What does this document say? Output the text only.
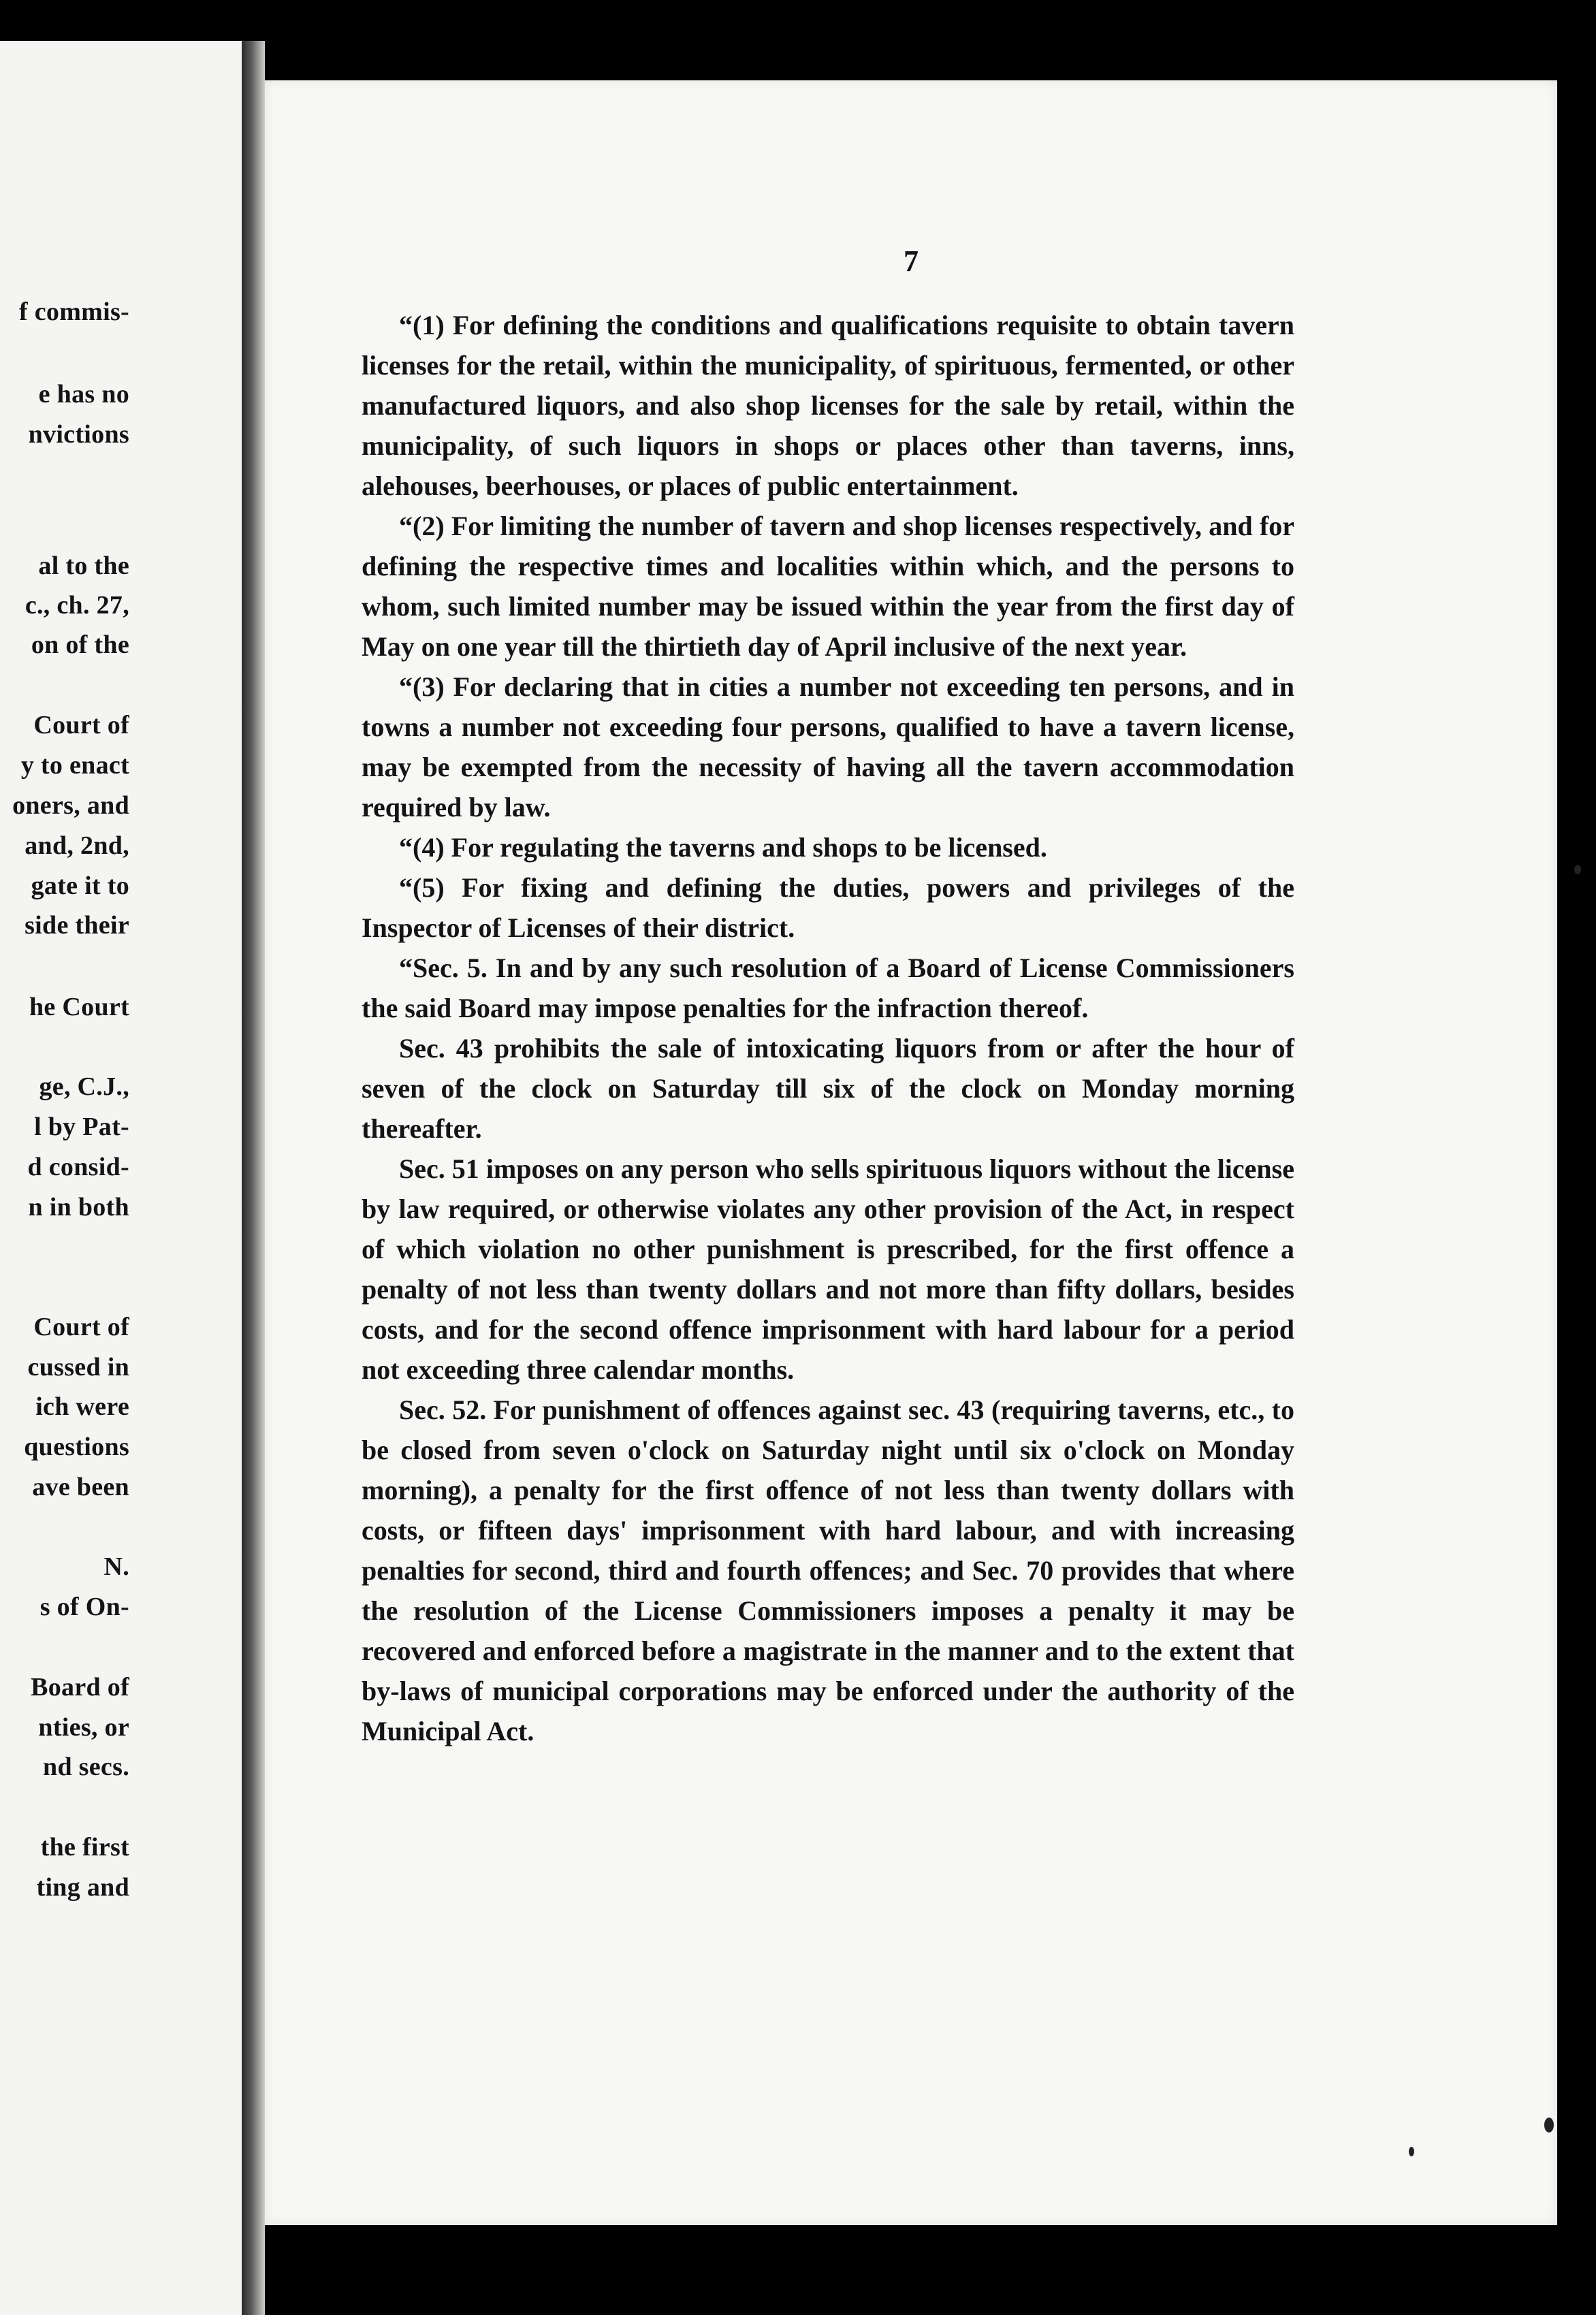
f commis-
e has no
nvictions
al to the
c., ch. 27,
on of the
Court of
y to enact
oners, and
and, 2nd,
gate it to
side their
he Court
ge, C.J.,
l by Pat-
d consid-
n in both
Court of
cussed in
ich were
questions
ave been
N.
s of On-
Board of
nties, or
nd secs.
the first
ting and
7

“(1) For defining the conditions and qualifications requisite to obtain tavern licenses for the retail, within the municipality, of spirituous, fermented, or other manufactured liquors, and also shop licenses for the sale by retail, within the municipality, of such liquors in shops or places other than taverns, inns, alehouses, beerhouses, or places of public entertainment.

“(2) For limiting the number of tavern and shop licenses respectively, and for defining the respective times and localities within which, and the persons to whom, such limited number may be issued within the year from the first day of May on one year till the thirtieth day of April inclusive of the next year.

“(3) For declaring that in cities a number not exceeding ten persons, and in towns a number not exceeding four persons, qualified to have a tavern license, may be exempted from the necessity of having all the tavern accommodation required by law.

“(4) For regulating the taverns and shops to be licensed.

“(5) For fixing and defining the duties, powers and privileges of the Inspector of Licenses of their district.

“Sec. 5. In and by any such resolution of a Board of License Commissioners the said Board may impose penalties for the infraction thereof.

Sec. 43 prohibits the sale of intoxicating liquors from or after the hour of seven of the clock on Saturday till six of the clock on Monday morning thereafter.

Sec. 51 imposes on any person who sells spirituous liquors without the license by law required, or otherwise violates any other provision of the Act, in respect of which violation no other punishment is prescribed, for the first offence a penalty of not less than twenty dollars and not more than fifty dollars, besides costs, and for the second offence imprisonment with hard labour for a period not exceeding three calendar months.

Sec. 52. For punishment of offences against sec. 43 (requiring taverns, etc., to be closed from seven o'clock on Saturday night until six o'clock on Monday morning), a penalty for the first offence of not less than twenty dollars with costs, or fifteen days' imprisonment with hard labour, and with increasing penalties for second, third and fourth offences; and Sec. 70 provides that where the resolution of the License Commissioners imposes a penalty it may be recovered and enforced before a magistrate in the manner and to the extent that by-laws of municipal corporations may be enforced under the authority of the Municipal Act.
